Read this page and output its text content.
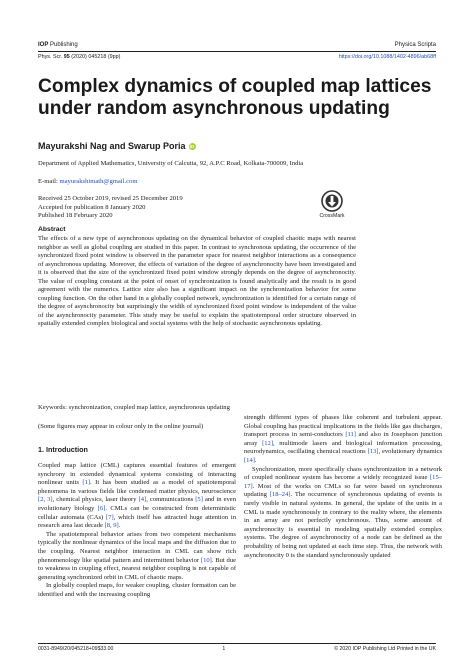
IOP Publishing	Physica Scripta
Phys. Scr. 95 (2020) 045218 (9pp)	https://doi.org/10.1088/1402-4896/ab68ff
Complex dynamics of coupled map lattices under random asynchronous updating
Mayurakshi Nag and Swarup Poria iD
Department of Applied Mathematics, University of Calcutta, 92, A.P.C Road, Kolkata-700009, India
E-mail: mayurakshimath@gmail.com
Received 25 October 2019, revised 25 December 2019
Accepted for publication 8 January 2020
Published 18 February 2020	CrossMark
Abstract

The effects of a new type of asynchronous updating on the dynamical behavior of coupled chaotic maps with nearest neighbor as well as global coupling are studied in this paper. In contrast to synchronous updating, the occurrence of the synchronized fixed point window is observed in the parameter space for nearest neighbor interactions as a consequence of asynchronous updating. Moreover, the effects of variation of the degree of asynchronocity have been investigated and it is observed that the size of the synchronized fixed point window strongly depends on the degree of asynchronocity. The value of coupling constant at the point of onset of synchronization is found analytically and the result is in good agreement with the numerics. Lattice size also has a significant impact on the synchronization behavior for some coupling function. On the other hand in a globally coupled network, synchronization is identified for a certain range of the degree of asynchronocity but surprisingly the width of synchronized fixed point window is independent of the value of the asynchronocity parameter. This study may be useful to explain the spatiotemporal order structure observed in spatially extended complex biological and social systems with the help of stochastic asynchronous updating.

Keywords: synchronization, coupled map lattice, asynchronous updating
(Some figures may appear in colour only in the online journal)
1. Introduction

Coupled map lattice (CML) captures essential features of emergent synchrony in extended dynamical systems consisting of interacting nonlinear units [1]. It has been studied as a model of spatiotemporal phenomena in various fields like condensed matter physics, neuroscience [2, 3], chemical physics, laser theory [4], communications [5] and in even evolutionary biology [6]. CMLs can be constructed from deterministic cellular automata (CAs) [7], which itself has attracted huge attention in research area last decade [8, 9].

The spatiotemporal behavior arises from two competent mechanisms typically the nonlinear dynamics of the local maps and the diffusion due to the coupling. Nearest neighbor interaction in CML can show rich phenomenology like spatial pattern and intermittent behavior [10]. But due to weakness in coupling effect, nearest neighbor coupling is not capable of generating synchronized orbit in CML of chaotic maps.

In globally coupled maps, for weaker coupling, cluster formation can be identified and with the increasing coupling

strength different types of phases like coherent and turbulent appear. Global coupling has practical implications in the fields like gas discharges, transport process in semi-conductors [11] and also in Josephson junction array [12], multimode lasers and biological information processing, neurodynamics, oscillating chemical reactions [13], evolutionary dynamics [14].

Synchronization, more specifically chaos synchronization in a network of coupled nonlinear system has become a widely recognized issue [15–17]. Most of the works on CMLs so far were based on synchronous updating [18–24]. The occurrence of synchronous updating of events is rarely visible in natural systems. In general, the update of the units in a CML is made synchronously in contrary to the reality where, the elements in an array are not perfectly synchronous. Thus, some amount of asynchronocity is essential in modeling spatially extended complex systems. The degree of asynchronocity of a node can be defined as the probability of being not updated at each time step. Thus, the network with asynchronocity 0 is the standard synchronously updated

0031-8949/20/045218+09$33.00	1	© 2020 IOP Publishing Ltd Printed in the UK
